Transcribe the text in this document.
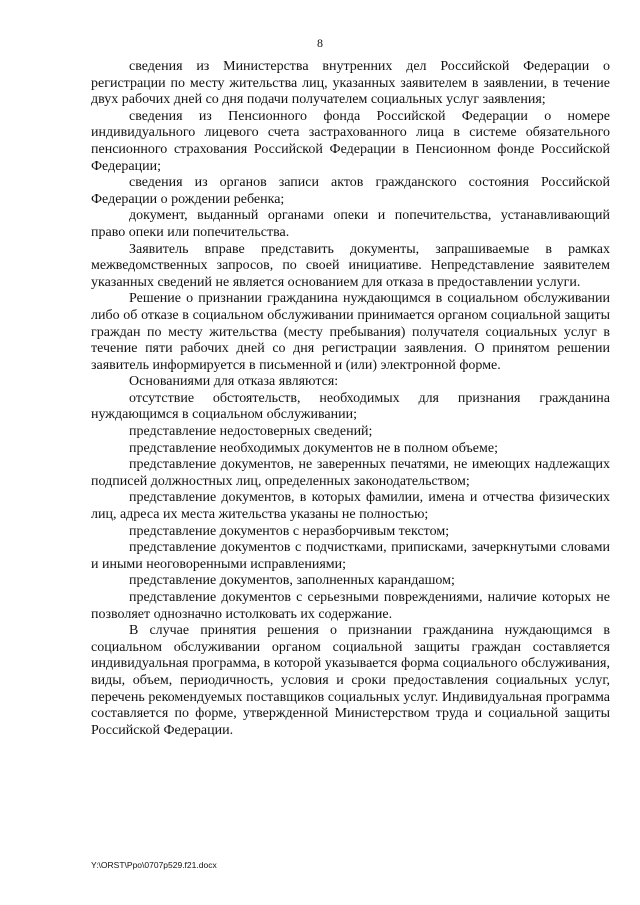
8

сведения из Министерства внутренних дел Российской Федерации о регистрации по месту жительства лиц, указанных заявителем в заявлении, в течение двух рабочих дней со дня подачи получателем социальных услуг заявления;

сведения из Пенсионного фонда Российской Федерации о номере индивидуального лицевого счета застрахованного лица в системе обязательного пенсионного страхования Российской Федерации в Пенсионном фонде Российской Федерации;

сведения из органов записи актов гражданского состояния Российской Федерации о рождении ребенка;

документ, выданный органами опеки и попечительства, устанавливающий право опеки или попечительства.

Заявитель вправе представить документы, запрашиваемые в рамках межведомственных запросов, по своей инициативе. Непредставление заявителем указанных сведений не является основанием для отказа в предоставлении услуги.

Решение о признании гражданина нуждающимся в социальном обслуживании либо об отказе в социальном обслуживании принимается органом социальной защиты граждан по месту жительства (месту пребывания) получателя социальных услуг в течение пяти рабочих дней со дня регистрации заявления. О принятом решении заявитель информируется в письменной и (или) электронной форме.

Основаниями для отказа являются:

отсутствие обстоятельств, необходимых для признания гражданина нуждающимся в социальном обслуживании;

представление недостоверных сведений;

представление необходимых документов не в полном объеме;

представление документов, не заверенных печатями, не имеющих надлежащих подписей должностных лиц, определенных законодательством;

представление документов, в которых фамилии, имена и отчества физических лиц, адреса их места жительства указаны не полностью;

представление документов с неразборчивым текстом;

представление документов с подчистками, приписками, зачеркнутыми словами и иными неоговоренными исправлениями;

представление документов, заполненных карандашом;

представление документов с серьезными повреждениями, наличие которых не позволяет однозначно истолковать их содержание.

В случае принятия решения о признании гражданина нуждающимся в социальном обслуживании органом социальной защиты граждан составляется индивидуальная программа, в которой указывается форма социального обслуживания, виды, объем, периодичность, условия и сроки предоставления социальных услуг, перечень рекомендуемых поставщиков социальных услуг. Индивидуальная программа составляется по форме, утвержденной Министерством труда и социальной защиты Российской Федерации.

Y:\ORST\Ppo\0707p529.f21.docx
